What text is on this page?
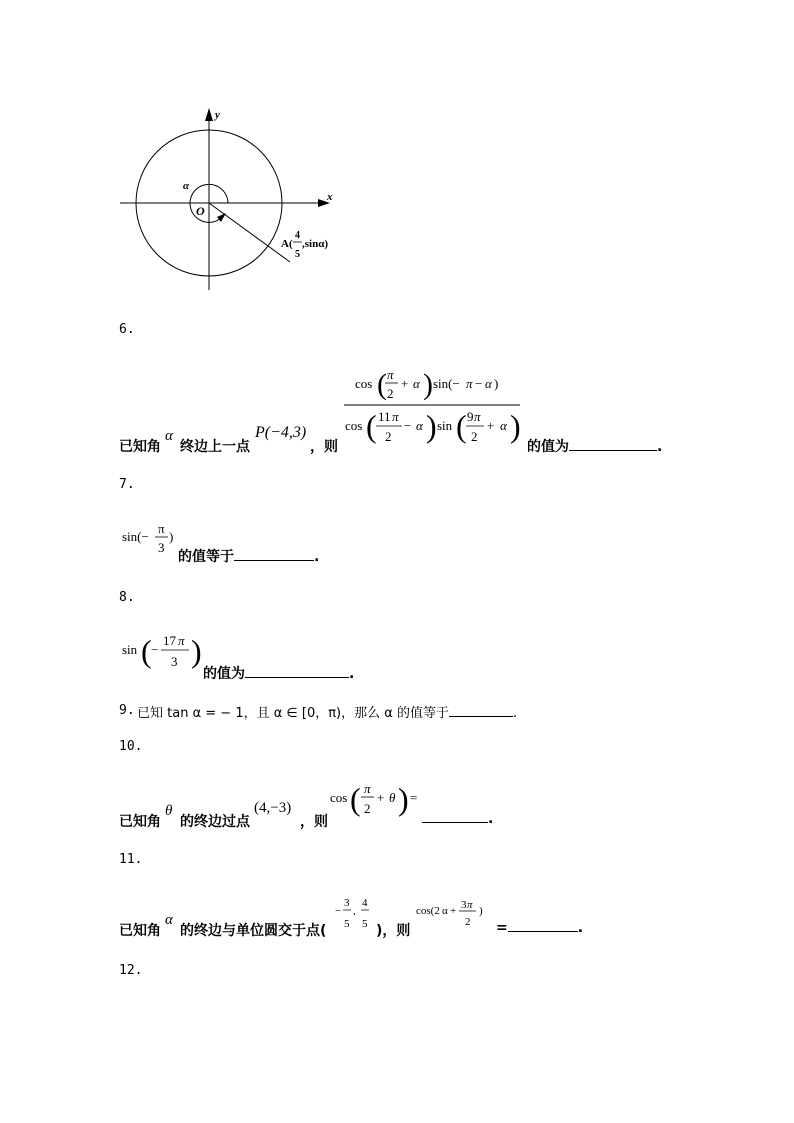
y
x
O
α
A(
4
5
,sinα)
6.
已知角
α
终边上一点
P(−4,3)
，则
cos ( π
2
+ α ) sin(− π − α )
cos ( 11 π
2
− α ) sin ( 9 π
2
+ α )
的值为	.
7.
sin(−
π
3
)
的值等于	.
8.
sin ( −
17 π
3 )
的值为	.
9. 已知 tan α = − 1，且 α ∈ [0，π)，那么 α 的值等于	.
10.
已知角
θ
的终边过点
(4,−3)
，则
cos ( π
2
+ θ ) =
.
11.
已知角
α
的终边与单位圆交于点(
−
3
5
,
4
5 )，则
cos(2 α + 3 π
2
)
=	.
12.
